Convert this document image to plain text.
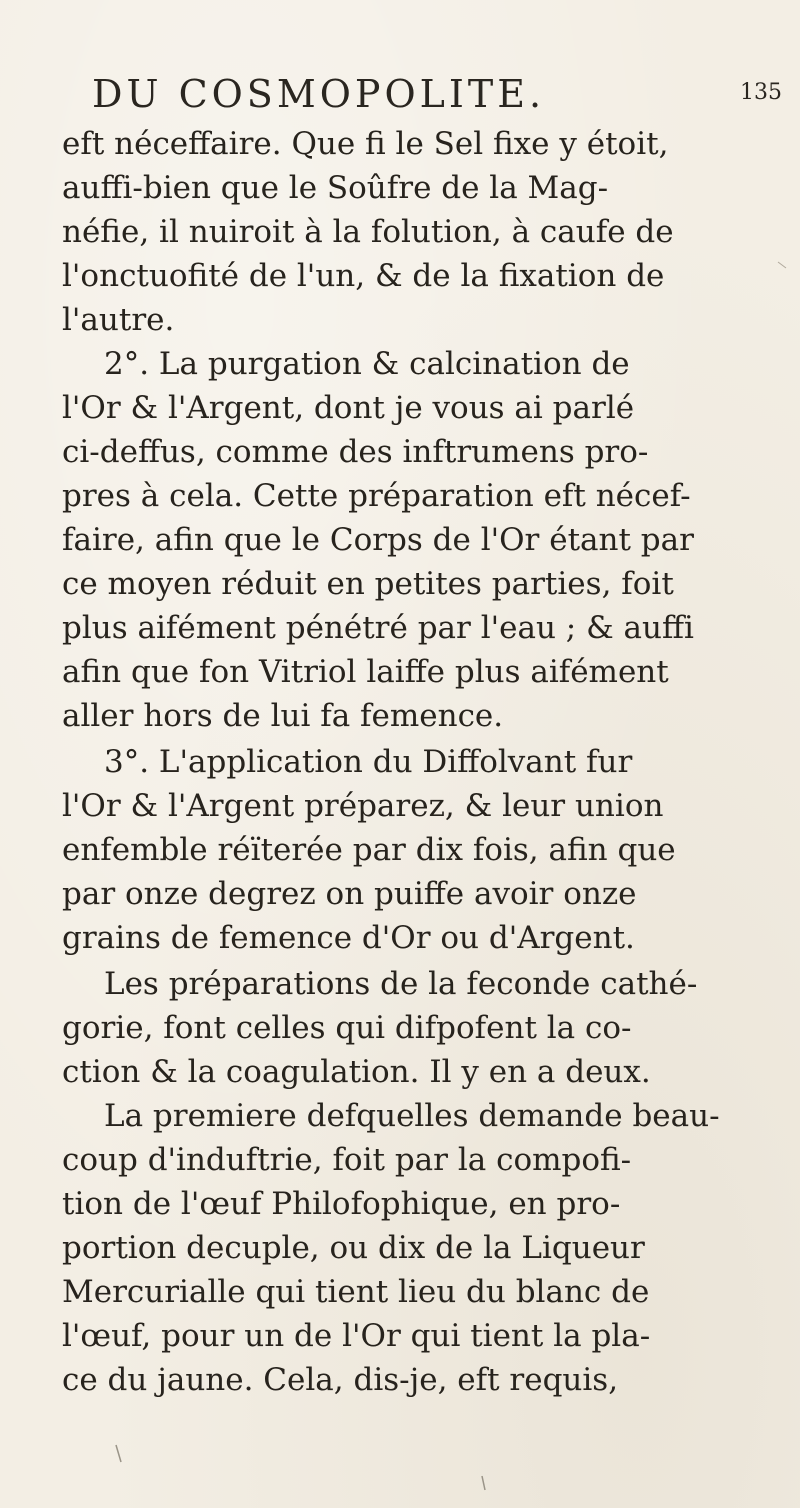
DU COSMOPOLITE.	135
eft néceffaire. Que fi le Sel fixe y étoit,
auffi-bien que le Soûfre de la Mag-
néfie, il nuiroit à la folution, à caufe de
l'onctuofité de l'un, & de la fixation de
l'autre.
2°. La purgation & calcination de
l'Or & l'Argent, dont je vous ai parlé
ci-deffus, comme des inftrumens pro-
pres à cela. Cette préparation eft nécef-
faire, afin que le Corps de l'Or étant par
ce moyen réduit en petites parties, foit
plus aifément pénétré par l'eau ; & auffi
afin que fon Vitriol laiffe plus aifément
aller hors de lui fa femence.
3°. L'application du Diffolvant fur
l'Or & l'Argent préparez, & leur union
enfemble réïterée par dix fois, afin que
par onze degrez on puiffe avoir onze
grains de femence d'Or ou d'Argent.
Les préparations de la feconde cathé-
gorie, font celles qui difpofent la co-
ction & la coagulation. Il y en a deux.
La premiere defquelles demande beau-
coup d'induftrie, foit par la compofi-
tion de l'œuf Philofophique, en pro-
portion decuple, ou dix de la Liqueur
Mercurialle qui tient lieu du blanc de
l'œuf, pour un de l'Or qui tient la pla-
ce du jaune. Cela, dis-je, eft requis,
